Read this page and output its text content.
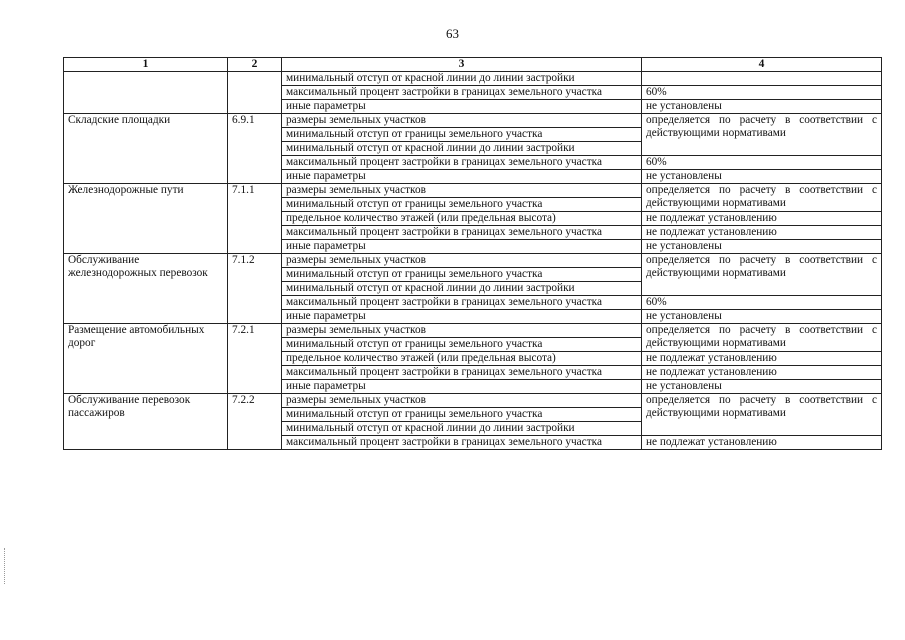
63
1	2	3	4
		минимальный отступ от красной линии до линии застройки	
		максимальный процент застройки в границах земельного участка	60%
		иные параметры	не установлены
Складские площадки	6.9.1	размеры земельных участков	определяется по расчету в соответствии с действующими нормативами
		минимальный отступ от границы земельного участка	
		минимальный отступ от красной линии до линии застройки	
		максимальный процент застройки в границах земельного участка	60%
		иные параметры	не установлены
Железнодорожные пути	7.1.1	размеры земельных участков	определяется по расчету в соответствии с действующими нормативами
		минимальный отступ от границы земельного участка	
		предельное количество этажей (или предельная высота)	не подлежат установлению
		максимальный процент застройки в границах земельного участка	не подлежат установлению
		иные параметры	не установлены
Обслуживание железнодорожных перевозок	7.1.2	размеры земельных участков	определяется по расчету в соответствии с действующими нормативами
		минимальный отступ от границы земельного участка	
		минимальный отступ от красной линии до линии застройки	
		максимальный процент застройки в границах земельного участка	60%
		иные параметры	не установлены
Размещение автомобильных дорог	7.2.1	размеры земельных участков	определяется по расчету в соответствии с действующими нормативами
		минимальный отступ от границы земельного участка	
		предельное количество этажей (или предельная высота)	не подлежат установлению
		максимальный процент застройки в границах земельного участка	не подлежат установлению
		иные параметры	не установлены
Обслуживание перевозок пассажиров	7.2.2	размеры земельных участков	определяется по расчету в соответствии с действующими нормативами
		минимальный отступ от границы земельного участка	
		минимальный отступ от красной линии до линии застройки	
		максимальный процент застройки в границах земельного участка	не подлежат установлению
